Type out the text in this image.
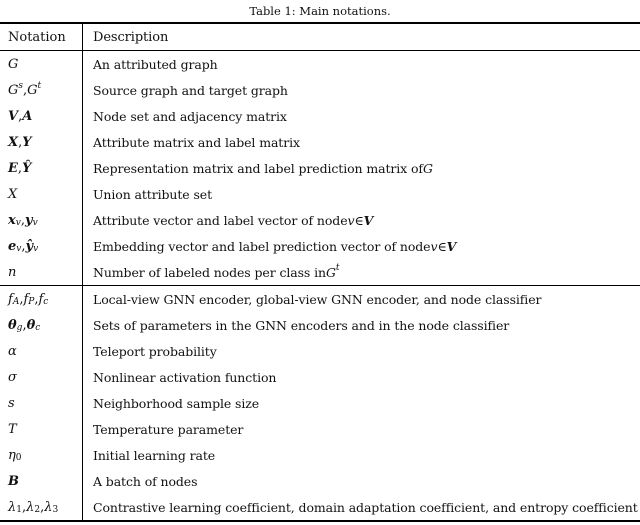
Table 1: Main notations.
Notation	Description
G	An attributed graph
G s , G t	Source graph and target graph
V , A	Node set and adjacency matrix
X , Y	Attribute matrix and label matrix
E , Ŷ	Representation matrix and label prediction matrix of G
X	Union attribute set
x v , y v	Attribute vector and label vector of node v ∈ V
e v , ŷ v	Embedding vector and label prediction vector of node v ∈ V
n	Number of labeled nodes per class in G t
f A , f P , f c	Local-view GNN encoder, global-view GNN encoder, and node classifier
θ g , θ c	Sets of parameters in the GNN encoders and in the node classifier
α	Teleport probability
σ	Nonlinear activation function
s	Neighborhood sample size
T	Temperature parameter
η 0	Initial learning rate
B	A batch of nodes
λ 1 , λ 2 , λ 3	Contrastive learning coefficient, domain adaptation coefficient, and entropy coefficient
